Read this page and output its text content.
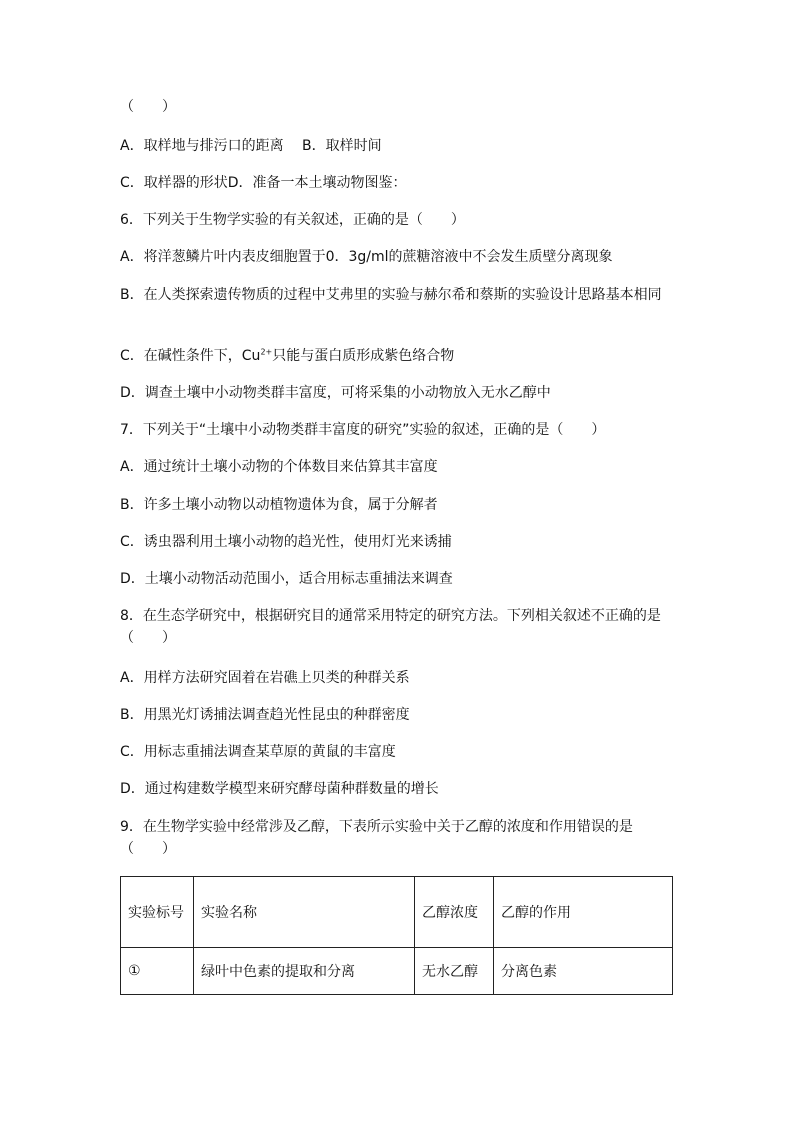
（　　）
A．取样地与排污口的距离　 B．取样时间
C．取样器的形状D．准备一本土壤动物图鉴：
6．下列关于生物学实验的有关叙述，正确的是（　　）
A．将洋葱鳞片叶内表皮细胞置于0．3g/ml的蔗糖溶液中不会发生质壁分离现象
B．在人类探索遗传物质的过程中艾弗里的实验与赫尔希和蔡斯的实验设计思路基本相同
C．在碱性条件下，$Cu^{2+}$只能与蛋白质形成紫色络合物
D．调查土壤中小动物类群丰富度，可将采集的小动物放入无水乙醇中
7．下列关于“土壤中小动物类群丰富度的研究”实验的叙述，正确的是（　　）
A．通过统计土壤小动物的个体数目来估算其丰富度
B．许多土壤小动物以动植物遗体为食，属于分解者
C．诱虫器利用土壤小动物的趋光性，使用灯光来诱捕
D．土壤小动物活动范围小，适合用标志重捕法来调查
8．在生态学研究中，根据研究目的通常采用特定的研究方法。下列相关叙述不正确的是（　　）
A．用样方法研究固着在岩礁上贝类的种群关系
B．用黑光灯诱捕法调查趋光性昆虫的种群密度
C．用标志重捕法调查某草原的黄鼠的丰富度
D．通过构建数学模型来研究酵母菌种群数量的增长
9．在生物学实验中经常涉及乙醇，下表所示实验中关于乙醇的浓度和作用错误的是（　　）
实验标号	实验名称	乙醇浓度	乙醇的作用
①	绿叶中色素的提取和分离	无水乙醇	分离色素
